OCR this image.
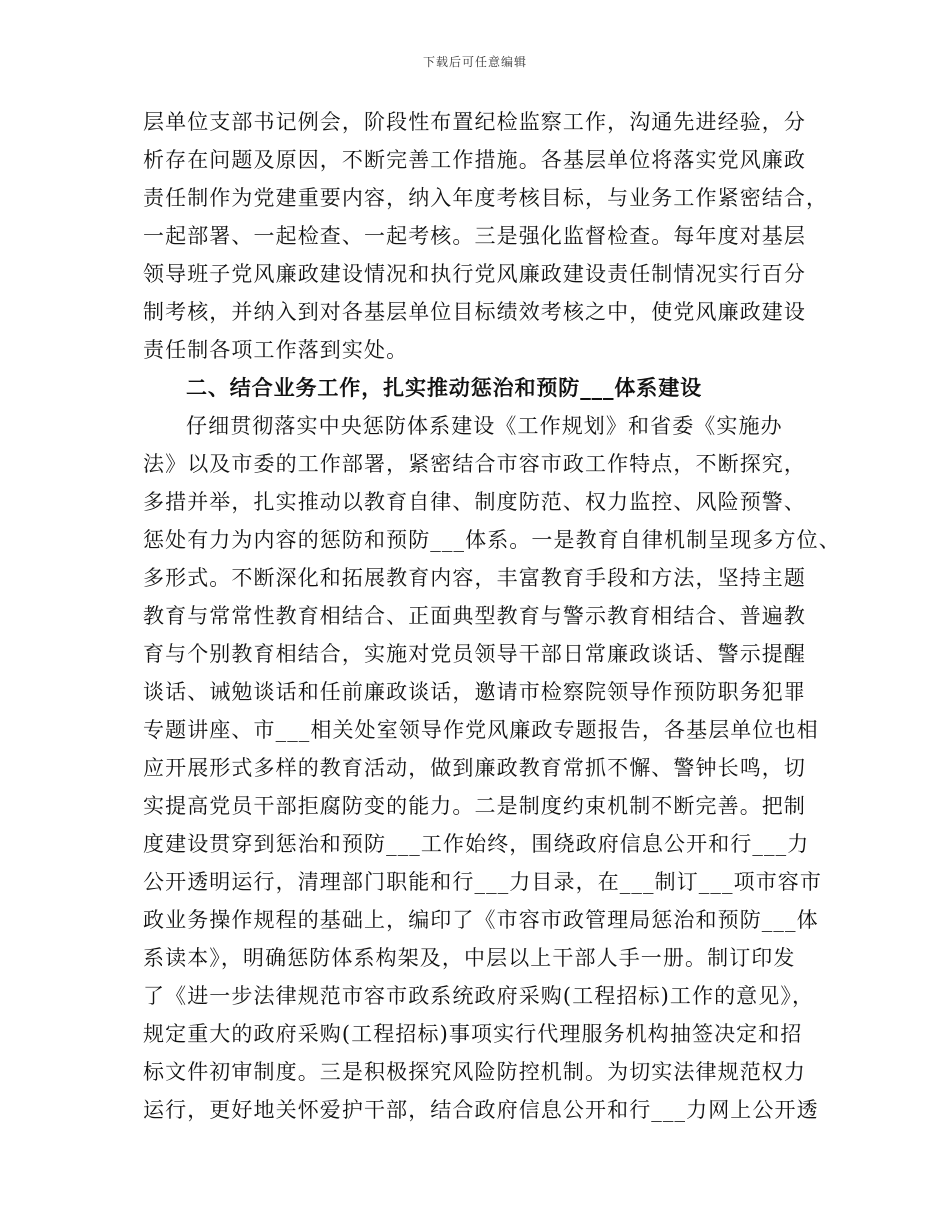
下载后可任意编辑
层单位支部书记例会，阶段性布置纪检监察工作，沟通先进经验，分
析存在问题及原因，不断完善工作措施。各基层单位将落实党风廉政
责任制作为党建重要内容，纳入年度考核目标，与业务工作紧密结合，
一起部署、一起检查、一起考核。三是强化监督检查。每年度对基层
领导班子党风廉政建设情况和执行党风廉政建设责任制情况实行百分
制考核，并纳入到对各基层单位目标绩效考核之中，使党风廉政建设
责任制各项工作落到实处。
二、结合业务工作，扎实推动惩治和预防___体系建设
仔细贯彻落实中央惩防体系建设《工作规划》和省委《实施办
法》以及市委的工作部署，紧密结合市容市政工作特点，不断探究，
多措并举，扎实推动以教育自律、制度防范、权力监控、风险预警、
惩处有力为内容的惩防和预防___体系。一是教育自律机制呈现多方位、
多形式。不断深化和拓展教育内容，丰富教育手段和方法，坚持主题
教育与常常性教育相结合、正面典型教育与警示教育相结合、普遍教
育与个别教育相结合，实施对党员领导干部日常廉政谈话、警示提醒
谈话、诫勉谈话和任前廉政谈话，邀请市检察院领导作预防职务犯罪
专题讲座、市___相关处室领导作党风廉政专题报告，各基层单位也相
应开展形式多样的教育活动，做到廉政教育常抓不懈、警钟长鸣，切
实提高党员干部拒腐防变的能力。二是制度约束机制不断完善。把制
度建设贯穿到惩治和预防___工作始终，围绕政府信息公开和行___力
公开透明运行，清理部门职能和行___力目录，在___制订___项市容市
政业务操作规程的基础上，编印了《市容市政管理局惩治和预防___体
系读本》，明确惩防体系构架及，中层以上干部人手一册。制订印发
了《进一步法律规范市容市政系统政府采购(工程招标)工作的意见》，
规定重大的政府采购(工程招标)事项实行代理服务机构抽签决定和招
标文件初审制度。三是积极探究风险防控机制。为切实法律规范权力
运行，更好地关怀爱护干部，结合政府信息公开和行___力网上公开透
